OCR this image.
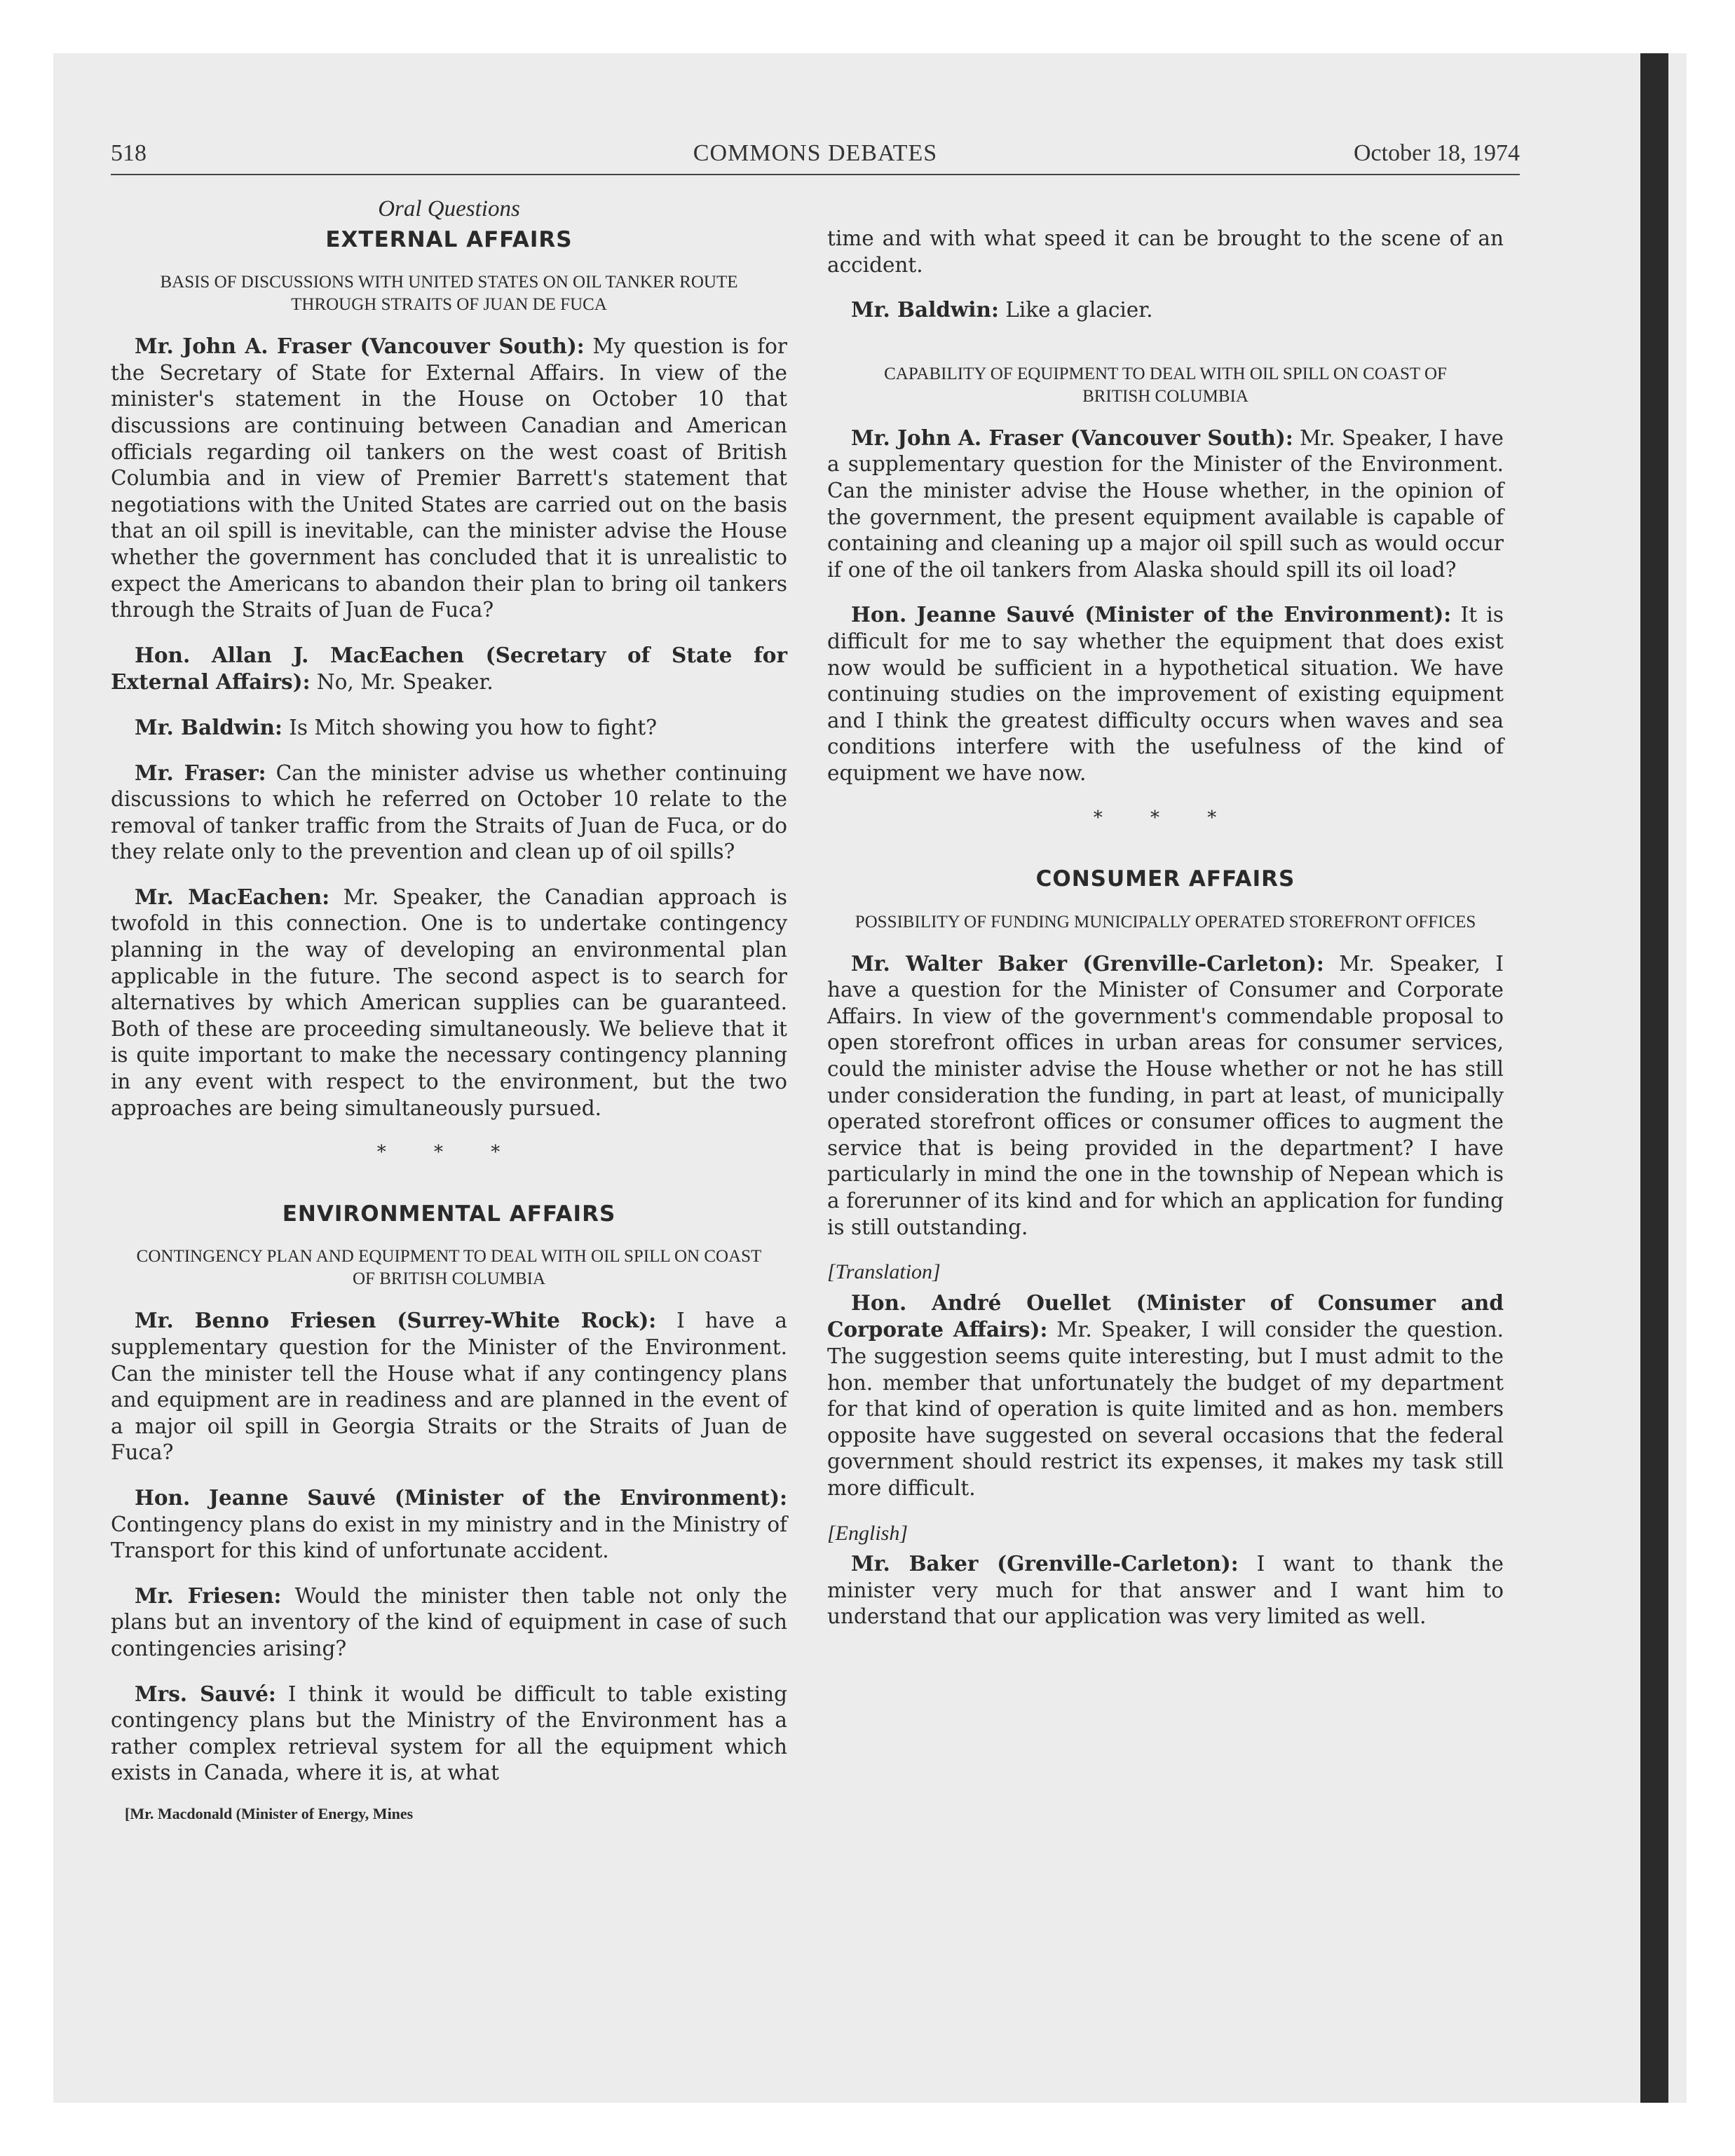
518	COMMONS DEBATES	October 18, 1974
Oral Questions
EXTERNAL AFFAIRS
BASIS OF DISCUSSIONS WITH UNITED STATES ON OIL TANKER ROUTE THROUGH STRAITS OF JUAN DE FUCA

Mr. John A. Fraser (Vancouver South): My question is for the Secretary of State for External Affairs. In view of the minister's statement in the House on October 10 that discussions are continuing between Canadian and American officials regarding oil tankers on the west coast of British Columbia and in view of Premier Barrett's statement that negotiations with the United States are carried out on the basis that an oil spill is inevitable, can the minister advise the House whether the government has concluded that it is unrealistic to expect the Americans to abandon their plan to bring oil tankers through the Straits of Juan de Fuca?

Hon. Allan J. MacEachen (Secretary of State for External Affairs): No, Mr. Speaker.

Mr. Baldwin: Is Mitch showing you how to fight?

Mr. Fraser: Can the minister advise us whether continuing discussions to which he referred on October 10 relate to the removal of tanker traffic from the Straits of Juan de Fuca, or do they relate only to the prevention and clean up of oil spills?

Mr. MacEachen: Mr. Speaker, the Canadian approach is twofold in this connection. One is to undertake contingency planning in the way of developing an environmental plan applicable in the future. The second aspect is to search for alternatives by which American supplies can be guaranteed. Both of these are proceeding simultaneously. We believe that it is quite important to make the necessary contingency planning in any event with respect to the environment, but the two approaches are being simultaneously pursued.

* * *
ENVIRONMENTAL AFFAIRS
CONTINGENCY PLAN AND EQUIPMENT TO DEAL WITH OIL SPILL ON COAST OF BRITISH COLUMBIA

Mr. Benno Friesen (Surrey-White Rock): I have a supplementary question for the Minister of the Environment. Can the minister tell the House what if any contingency plans and equipment are in readiness and are planned in the event of a major oil spill in Georgia Straits or the Straits of Juan de Fuca?

Hon. Jeanne Sauvé (Minister of the Environment): Contingency plans do exist in my ministry and in the Ministry of Transport for this kind of unfortunate accident.

Mr. Friesen: Would the minister then table not only the plans but an inventory of the kind of equipment in case of such contingencies arising?

Mrs. Sauvé: I think it would be difficult to table existing contingency plans but the Ministry of the Environment has a rather complex retrieval system for all the equipment which exists in Canada, where it is, at what

[Mr. Macdonald (Minister of Energy, Mines

time and with what speed it can be brought to the scene of an accident.

Mr. Baldwin: Like a glacier.

CAPABILITY OF EQUIPMENT TO DEAL WITH OIL SPILL ON COAST OF BRITISH COLUMBIA

Mr. John A. Fraser (Vancouver South): Mr. Speaker, I have a supplementary question for the Minister of the Environment. Can the minister advise the House whether, in the opinion of the government, the present equipment available is capable of containing and cleaning up a major oil spill such as would occur if one of the oil tankers from Alaska should spill its oil load?

Hon. Jeanne Sauvé (Minister of the Environment): It is difficult for me to say whether the equipment that does exist now would be sufficient in a hypothetical situation. We have continuing studies on the improvement of existing equipment and I think the greatest difficulty occurs when waves and sea conditions interfere with the usefulness of the kind of equipment we have now.

* * *
CONSUMER AFFAIRS
POSSIBILITY OF FUNDING MUNICIPALLY OPERATED STOREFRONT OFFICES

Mr. Walter Baker (Grenville-Carleton): Mr. Speaker, I have a question for the Minister of Consumer and Corporate Affairs. In view of the government's commendable proposal to open storefront offices in urban areas for consumer services, could the minister advise the House whether or not he has still under consideration the funding, in part at least, of municipally operated storefront offices or consumer offices to augment the service that is being provided in the department? I have particularly in mind the one in the township of Nepean which is a forerunner of its kind and for which an application for funding is still outstanding.

[Translation]

Hon. André Ouellet (Minister of Consumer and Corporate Affairs): Mr. Speaker, I will consider the question. The suggestion seems quite interesting, but I must admit to the hon. member that unfortunately the budget of my department for that kind of operation is quite limited and as hon. members opposite have suggested on several occasions that the federal government should restrict its expenses, it makes my task still more difficult.

[English]

Mr. Baker (Grenville-Carleton): I want to thank the minister very much for that answer and I want him to understand that our application was very limited as well.
